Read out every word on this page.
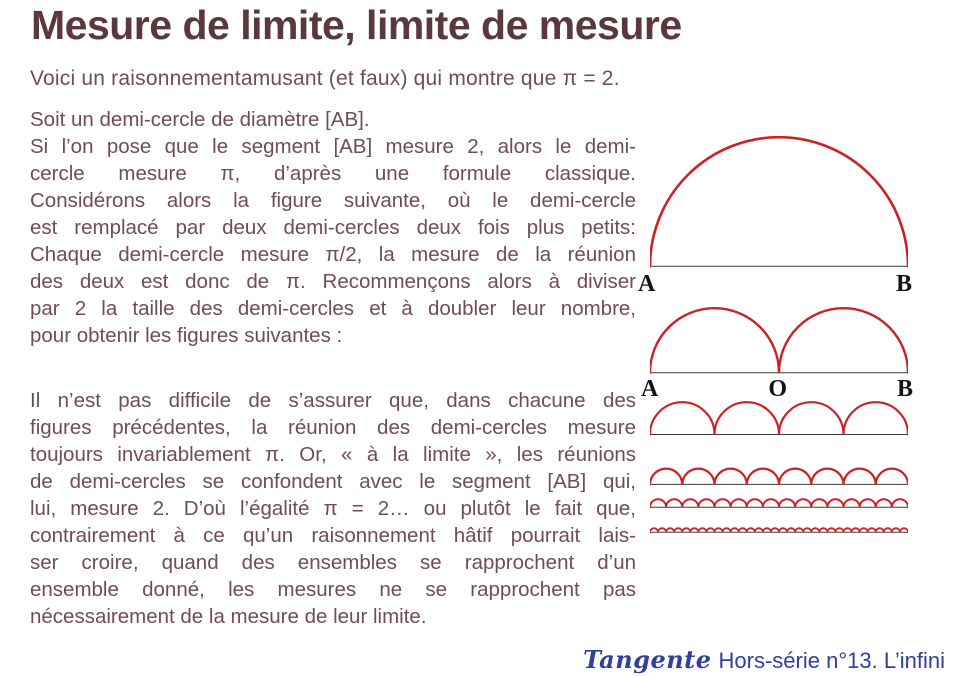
Mesure de limite, limite de mesure
Voici un raisonnementamusant (et faux) qui montre que π = 2.
Soit un demi-cercle de diamètre [AB].
Si l’on pose que le segment [AB] mesure 2, alors le demi-
cercle mesure π, d’après une formule classique.
Considérons alors la figure suivante, où le demi-cercle
est remplacé par deux demi-cercles deux fois plus petits:
Chaque demi-cercle mesure π/2, la mesure de la réunion
des deux est donc de π. Recommençons alors à diviser
par 2 la taille des demi-cercles et à doubler leur nombre,
pour obtenir les figures suivantes :
Il n’est pas difficile de s’assurer que, dans chacune des
figures précédentes, la réunion des demi-cercles mesure
toujours invariablement π. Or, « à la limite », les réunions
de demi-cercles se confondent avec le segment [AB] qui,
lui, mesure 2. D’où l’égalité π = 2… ou plutôt le fait que,
contrairement à ce qu’un raisonnement hâtif pourrait lais-
ser croire, quand des ensembles se rapprochent d’un
ensemble donné, les mesures ne se rapprochent pas
nécessairement de la mesure de leur limite.
A	B
A	O	B
Tangente Hors-série n°13. L’infini
